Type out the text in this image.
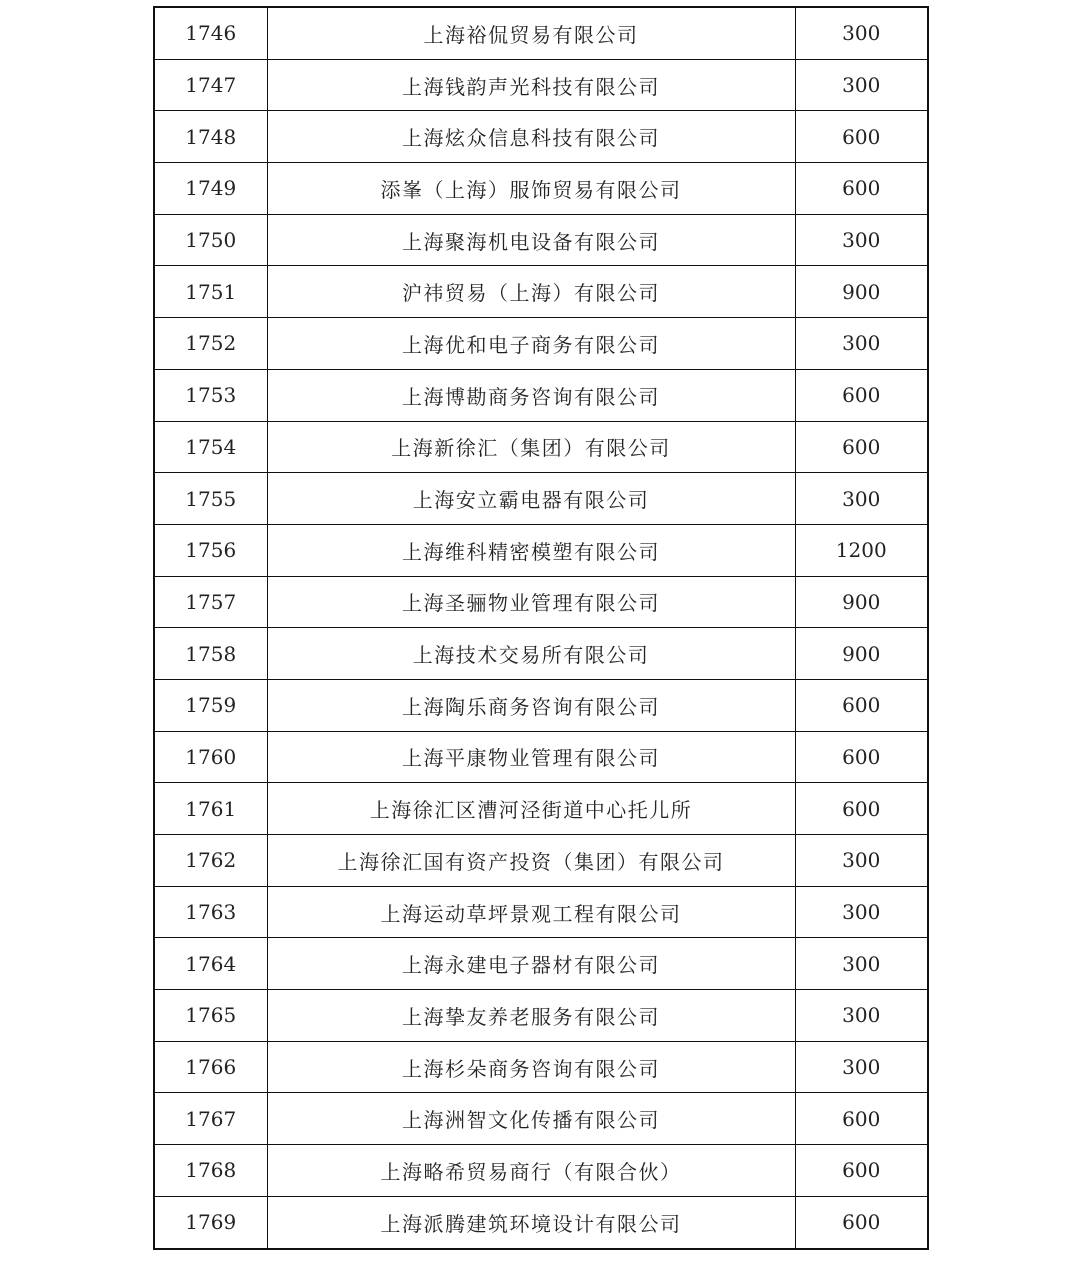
1746	上海裕侃贸易有限公司	300
1747	上海钱韵声光科技有限公司	300
1748	上海炫众信息科技有限公司	600
1749	添峯（上海）服饰贸易有限公司	600
1750	上海聚海机电设备有限公司	300
1751	沪祎贸易（上海）有限公司	900
1752	上海优和电子商务有限公司	300
1753	上海博勘商务咨询有限公司	600
1754	上海新徐汇（集团）有限公司	600
1755	上海安立霸电器有限公司	300
1756	上海维科精密模塑有限公司	1200
1757	上海圣骊物业管理有限公司	900
1758	上海技术交易所有限公司	900
1759	上海陶乐商务咨询有限公司	600
1760	上海平康物业管理有限公司	600
1761	上海徐汇区漕河泾街道中心托儿所	600
1762	上海徐汇国有资产投资（集团）有限公司	300
1763	上海运动草坪景观工程有限公司	300
1764	上海永建电子器材有限公司	300
1765	上海挚友养老服务有限公司	300
1766	上海杉朵商务咨询有限公司	300
1767	上海洲智文化传播有限公司	600
1768	上海略希贸易商行（有限合伙）	600
1769	上海派腾建筑环境设计有限公司	600
